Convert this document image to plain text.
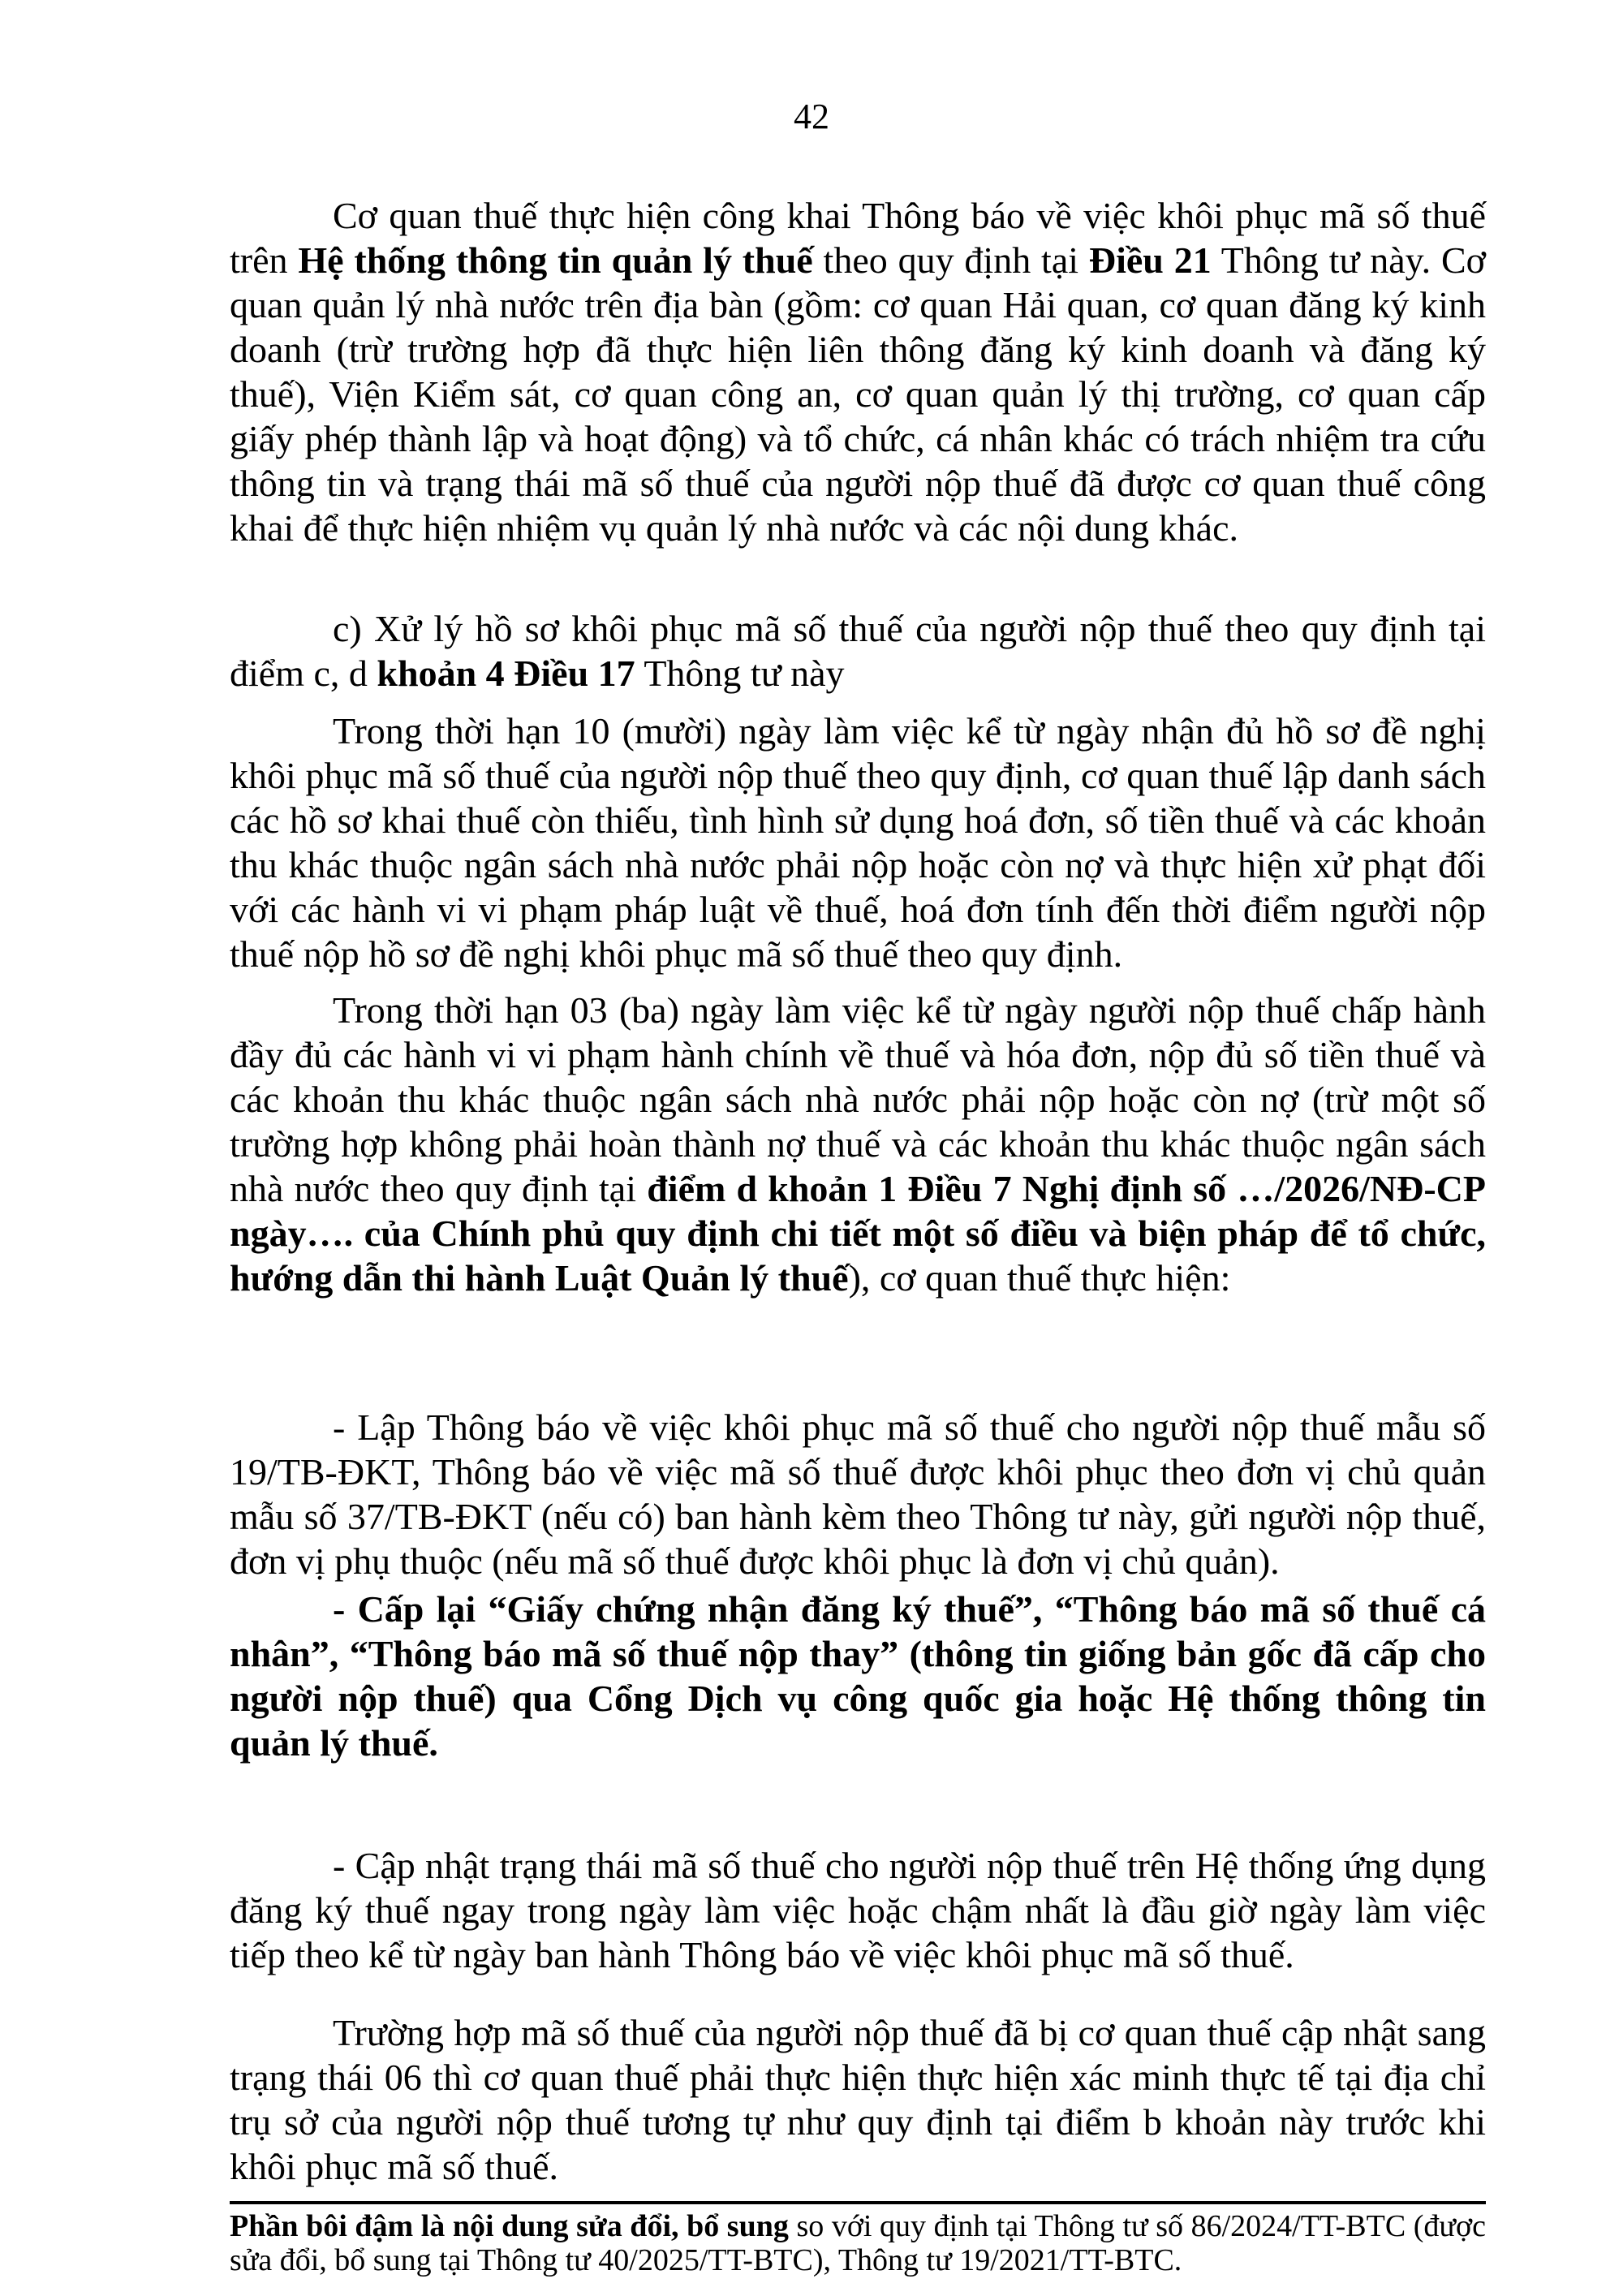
42

Cơ quan thuế thực hiện công khai Thông báo về việc khôi phục mã số thuế trên Hệ thống thông tin quản lý thuế theo quy định tại Điều 21 Thông tư này. Cơ quan quản lý nhà nước trên địa bàn (gồm: cơ quan Hải quan, cơ quan đăng ký kinh doanh (trừ trường hợp đã thực hiện liên thông đăng ký kinh doanh và đăng ký thuế), Viện Kiểm sát, cơ quan công an, cơ quan quản lý thị trường, cơ quan cấp giấy phép thành lập và hoạt động) và tổ chức, cá nhân khác có trách nhiệm tra cứu thông tin và trạng thái mã số thuế của người nộp thuế đã được cơ quan thuế công khai để thực hiện nhiệm vụ quản lý nhà nước và các nội dung khác.

c) Xử lý hồ sơ khôi phục mã số thuế của người nộp thuế theo quy định tại điểm c, d khoản 4 Điều 17 Thông tư này

Trong thời hạn 10 (mười) ngày làm việc kể từ ngày nhận đủ hồ sơ đề nghị khôi phục mã số thuế của người nộp thuế theo quy định, cơ quan thuế lập danh sách các hồ sơ khai thuế còn thiếu, tình hình sử dụng hoá đơn, số tiền thuế và các khoản thu khác thuộc ngân sách nhà nước phải nộp hoặc còn nợ và thực hiện xử phạt đối với các hành vi vi phạm pháp luật về thuế, hoá đơn tính đến thời điểm người nộp thuế nộp hồ sơ đề nghị khôi phục mã số thuế theo quy định.

Trong thời hạn 03 (ba) ngày làm việc kể từ ngày người nộp thuế chấp hành đầy đủ các hành vi vi phạm hành chính về thuế và hóa đơn, nộp đủ số tiền thuế và các khoản thu khác thuộc ngân sách nhà nước phải nộp hoặc còn nợ (trừ một số trường hợp không phải hoàn thành nợ thuế và các khoản thu khác thuộc ngân sách nhà nước theo quy định tại điểm d khoản 1 Điều 7 Nghị định số …/2026/NĐ-CP ngày…. của Chính phủ quy định chi tiết một số điều và biện pháp để tổ chức, hướng dẫn thi hành Luật Quản lý thuế), cơ quan thuế thực hiện:

- Lập Thông báo về việc khôi phục mã số thuế cho người nộp thuế mẫu số 19/TB-ĐKT, Thông báo về việc mã số thuế được khôi phục theo đơn vị chủ quản mẫu số 37/TB-ĐKT (nếu có) ban hành kèm theo Thông tư này, gửi người nộp thuế, đơn vị phụ thuộc (nếu mã số thuế được khôi phục là đơn vị chủ quản).

- Cấp lại “Giấy chứng nhận đăng ký thuế”, “Thông báo mã số thuế cá nhân”, “Thông báo mã số thuế nộp thay” (thông tin giống bản gốc đã cấp cho người nộp thuế) qua Cổng Dịch vụ công quốc gia hoặc Hệ thống thông tin quản lý thuế.

- Cập nhật trạng thái mã số thuế cho người nộp thuế trên Hệ thống ứng dụng đăng ký thuế ngay trong ngày làm việc hoặc chậm nhất là đầu giờ ngày làm việc tiếp theo kể từ ngày ban hành Thông báo về việc khôi phục mã số thuế.

Trường hợp mã số thuế của người nộp thuế đã bị cơ quan thuế cập nhật sang trạng thái 06 thì cơ quan thuế phải thực hiện thực hiện xác minh thực tế tại địa chỉ trụ sở của người nộp thuế tương tự như quy định tại điểm b khoản này trước khi khôi phục mã số thuế.

Phần bôi đậm là nội dung sửa đổi, bổ sung so với quy định tại Thông tư số 86/2024/TT-BTC (được sửa đổi, bổ sung tại Thông tư 40/2025/TT-BTC), Thông tư 19/2021/TT-BTC.
